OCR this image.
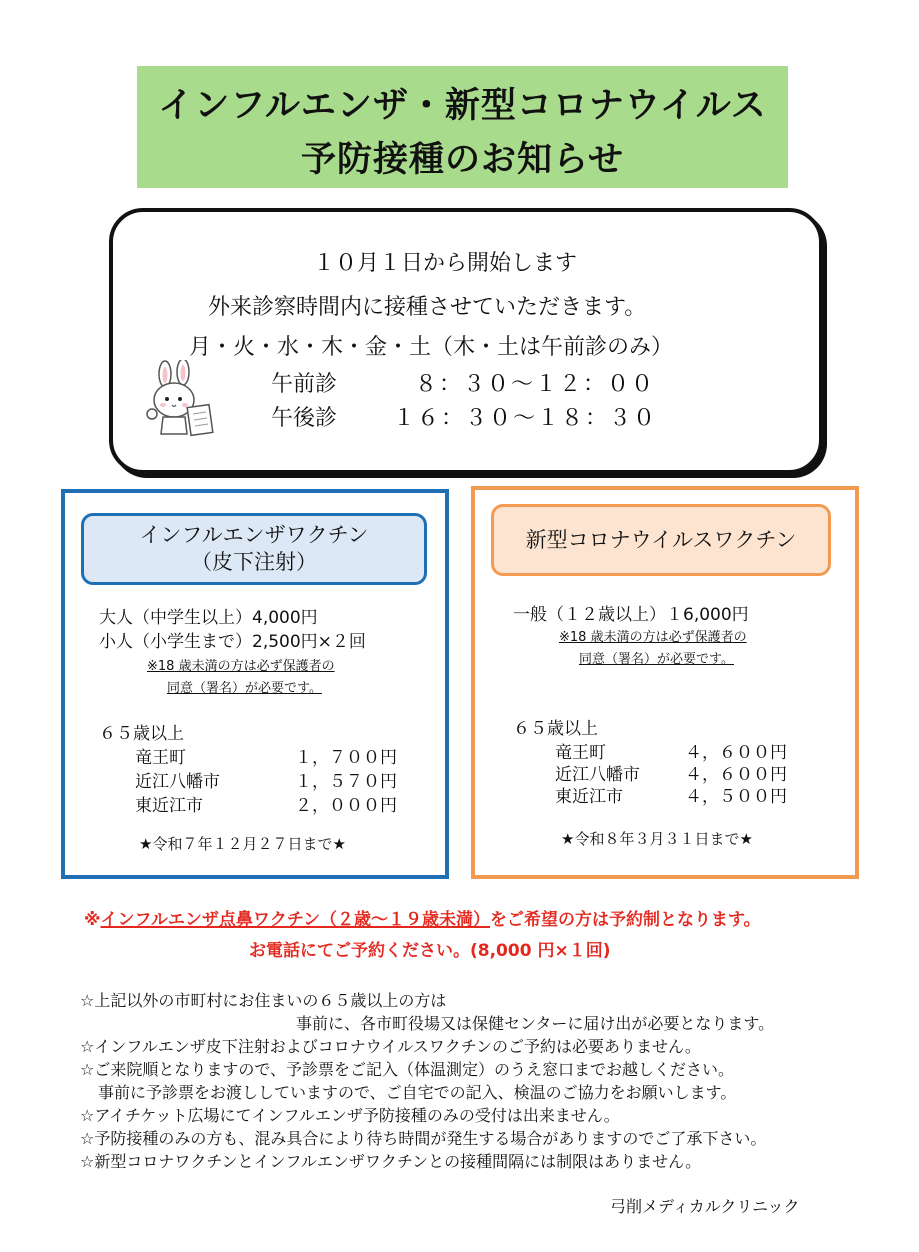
インフルエンザ・新型コロナウイルス
予防接種のお知らせ
１０月１日から開始します
外来診察時間内に接種させていただきます。
月・火・水・木・金・土（木・土は午前診のみ）
午前診	８：３０～１２：００
午後診	１６：３０～１８：３０
インフルエンザワクチン
（皮下注射）
大人（中学生以上）4,000円
小人（小学生まで）2,500円×２回
※18 歳未満の方は必ず保護者の
同意（署名）が必要です。
６５歳以上
竜王町	１，７００円
近江八幡市	１，５７０円
東近江市	２，０００円
★令和７年１２月２７日まで★
新型コロナウイルスワクチン
一般（１２歳以上）１6,000円
※18 歳未満の方は必ず保護者の
同意（署名）が必要です。
６５歳以上
竜王町	４，６００円
近江八幡市	４，６００円
東近江市	４，５００円
★令和８年３月３１日まで★
※インフルエンザ点鼻ワクチン（２歳～１９歳未満）をご希望の方は予約制となります。
お電話にてご予約ください。(8,000 円×１回)
☆上記以外の市町村にお住まいの６５歳以上の方は
事前に、各市町役場又は保健センターに届け出が必要となります。
☆インフルエンザ皮下注射およびコロナウイルスワクチンのご予約は必要ありません。
☆ご来院順となりますので、予診票をご記入（体温測定）のうえ窓口までお越しください。
事前に予診票をお渡ししていますので、ご自宅での記入、検温のご協力をお願いします。
☆アイチケット広場にてインフルエンザ予防接種のみの受付は出来ません。
☆予防接種のみの方も、混み具合により待ち時間が発生する場合がありますのでご了承下さい。
☆新型コロナワクチンとインフルエンザワクチンとの接種間隔には制限はありません。
弓削メディカルクリニック
